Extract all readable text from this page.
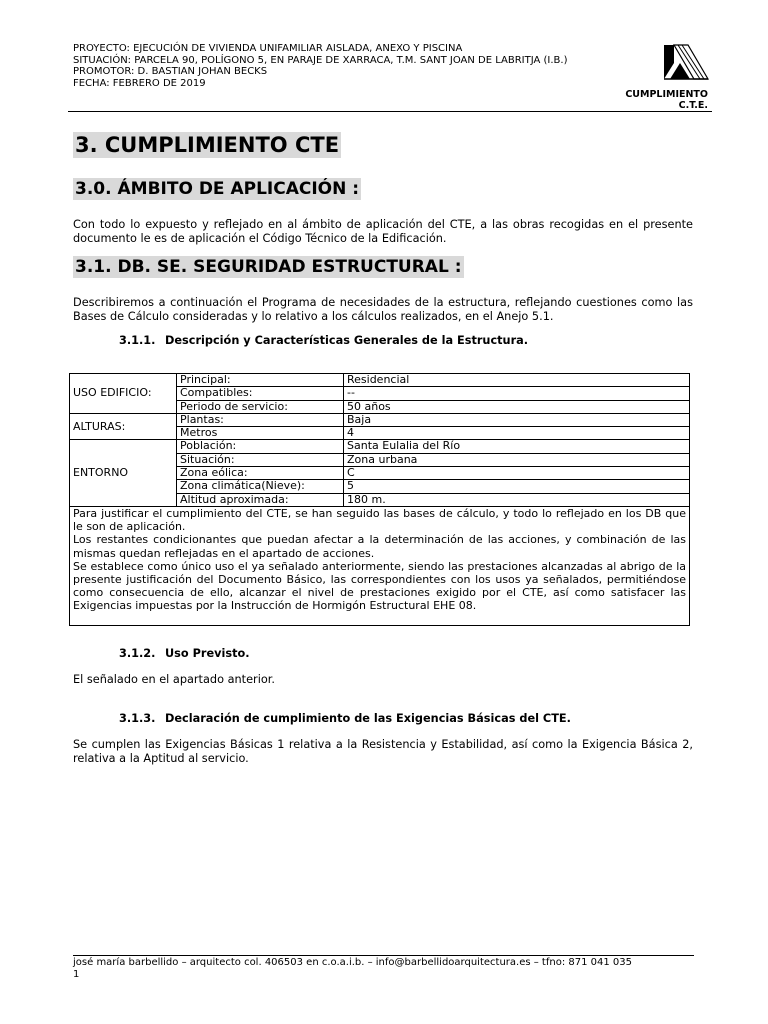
PROYECTO: EJECUCIÓN DE VIVIENDA UNIFAMILIAR AISLADA, ANEXO Y PISCINA
SITUACIÓN: PARCELA 90, POLÍGONO 5, EN PARAJE DE XARRACA, T.M. SANT JOAN DE LABRITJA (I.B.)
PROMOTOR: D. BASTIAN JOHAN BECKS
FECHA: FEBRERO DE 2019
CUMPLIMIENTO
C.T.E.
3. CUMPLIMIENTO CTE
3.0. ÁMBITO DE APLICACIÓN :
Con todo lo expuesto y reflejado en al ámbito de aplicación del CTE, a las obras recogidas en el presente documento le es de aplicación el Código Técnico de la Edificación.
3.1. DB. SE. SEGURIDAD ESTRUCTURAL :
Describiremos a continuación el Programa de necesidades de la estructura, reflejando cuestiones como las Bases de Cálculo consideradas y lo relativo a los cálculos realizados, en el Anejo 5.1.
3.1.1. Descripción y Características Generales de la Estructura.
USO EDIFICIO:	Principal:	Residencial
	Compatibles:	--
	Periodo de servicio:	50 años
ALTURAS:	Plantas:	Baja
	Metros	4
ENTORNO	Población:	Santa Eulalia del Río
	Situación:	Zona urbana
	Zona eólica:	C
	Zona climática(Nieve):	5
	Altitud aproximada:	180 m.

Para justificar el cumplimiento del CTE, se han seguido las bases de cálculo, y todo lo reflejado en los DB que le son de aplicación.
Los restantes condicionantes que puedan afectar a la determinación de las acciones, y combinación de las mismas quedan reflejadas en el apartado de acciones.
Se establece como único uso el ya señalado anteriormente, siendo las prestaciones alcanzadas al abrigo de la presente justificación del Documento Básico, las correspondientes con los usos ya señalados, permitiéndose como consecuencia de ello, alcanzar el nivel de prestaciones exigido por el CTE, así como satisfacer las Exigencias impuestas por la Instrucción de Hormigón Estructural EHE 08.		
3.1.2. Uso Previsto.
El señalado en el apartado anterior.
3.1.3. Declaración de cumplimiento de las Exigencias Básicas del CTE.
Se cumplen las Exigencias Básicas 1 relativa a la Resistencia y Estabilidad, así como la Exigencia Básica 2, relativa a la Aptitud al servicio.
josé maría barbellido – arquitecto col. 406503 en c.o.a.i.b. – info@barbellidoarquitectura.es – tfno: 871 041 035
1
